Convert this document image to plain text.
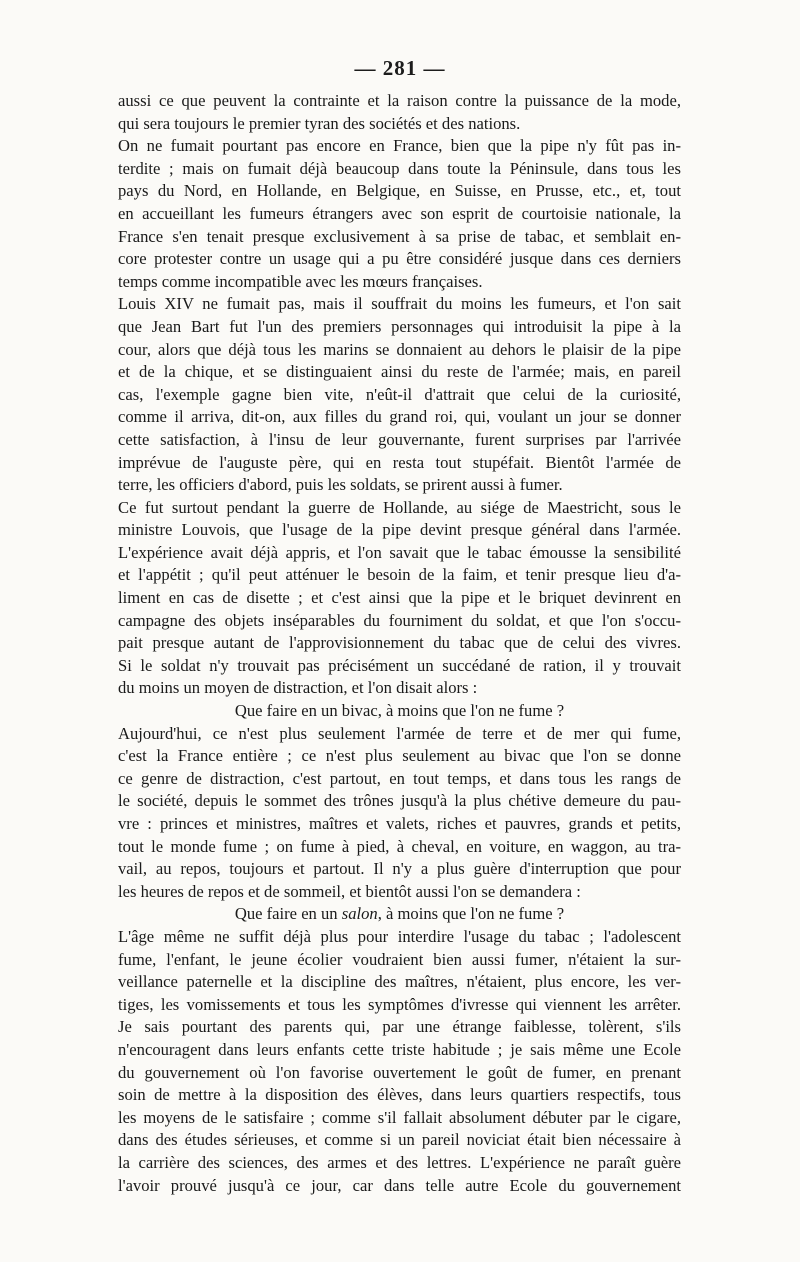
— 281 —

aussi ce que peuvent la contrainte et la raison contre la puissance de la mode,

qui sera toujours le premier tyran des sociétés et des nations.

On ne fumait pourtant pas encore en France, bien que la pipe n'y fût pas in-

terdite ; mais on fumait déjà beaucoup dans toute la Péninsule, dans tous les

pays du Nord, en Hollande, en Belgique, en Suisse, en Prusse, etc., et, tout

en accueillant les fumeurs étrangers avec son esprit de courtoisie nationale, la

France s'en tenait presque exclusivement à sa prise de tabac, et semblait en-

core protester contre un usage qui a pu être considéré jusque dans ces derniers

temps comme incompatible avec les mœurs françaises.

Louis XIV ne fumait pas, mais il souffrait du moins les fumeurs, et l'on sait

que Jean Bart fut l'un des premiers personnages qui introduisit la pipe à la

cour, alors que déjà tous les marins se donnaient au dehors le plaisir de la pipe

et de la chique, et se distinguaient ainsi du reste de l'armée; mais, en pareil

cas, l'exemple gagne bien vite, n'eût-il d'attrait que celui de la curiosité,

comme il arriva, dit-on, aux filles du grand roi, qui, voulant un jour se donner

cette satisfaction, à l'insu de leur gouvernante, furent surprises par l'arrivée

imprévue de l'auguste père, qui en resta tout stupéfait. Bientôt l'armée de

terre, les officiers d'abord, puis les soldats, se prirent aussi à fumer.

Ce fut surtout pendant la guerre de Hollande, au siége de Maestricht, sous le

ministre Louvois, que l'usage de la pipe devint presque général dans l'armée.

L'expérience avait déjà appris, et l'on savait que le tabac émousse la sensibilité

et l'appétit ; qu'il peut atténuer le besoin de la faim, et tenir presque lieu d'a-

liment en cas de disette ; et c'est ainsi que la pipe et le briquet devinrent en

campagne des objets inséparables du fourniment du soldat, et que l'on s'occu-

pait presque autant de l'approvisionnement du tabac que de celui des vivres.

Si le soldat n'y trouvait pas précisément un succédané de ration, il y trouvait

du moins un moyen de distraction, et l'on disait alors :

Que faire en un bivac, à moins que l'on ne fume ?

Aujourd'hui, ce n'est plus seulement l'armée de terre et de mer qui fume,

c'est la France entière ; ce n'est plus seulement au bivac que l'on se donne

ce genre de distraction, c'est partout, en tout temps, et dans tous les rangs de

le société, depuis le sommet des trônes jusqu'à la plus chétive demeure du pau-

vre : princes et ministres, maîtres et valets, riches et pauvres, grands et petits,

tout le monde fume ; on fume à pied, à cheval, en voiture, en waggon, au tra-

vail, au repos, toujours et partout. Il n'y a plus guère d'interruption que pour

les heures de repos et de sommeil, et bientôt aussi l'on se demandera :

Que faire en un salon, à moins que l'on ne fume ?

L'âge même ne suffit déjà plus pour interdire l'usage du tabac ; l'adolescent

fume, l'enfant, le jeune écolier voudraient bien aussi fumer, n'étaient la sur-

veillance paternelle et la discipline des maîtres, n'étaient, plus encore, les ver-

tiges, les vomissements et tous les symptômes d'ivresse qui viennent les arrêter.

Je sais pourtant des parents qui, par une étrange faiblesse, tolèrent, s'ils

n'encouragent dans leurs enfants cette triste habitude ; je sais même une Ecole

du gouvernement où l'on favorise ouvertement le goût de fumer, en prenant

soin de mettre à la disposition des élèves, dans leurs quartiers respectifs, tous

les moyens de le satisfaire ; comme s'il fallait absolument débuter par le cigare,

dans des études sérieuses, et comme si un pareil noviciat était bien nécessaire à

la carrière des sciences, des armes et des lettres. L'expérience ne paraît guère

l'avoir prouvé jusqu'à ce jour, car dans telle autre Ecole du gouvernement
